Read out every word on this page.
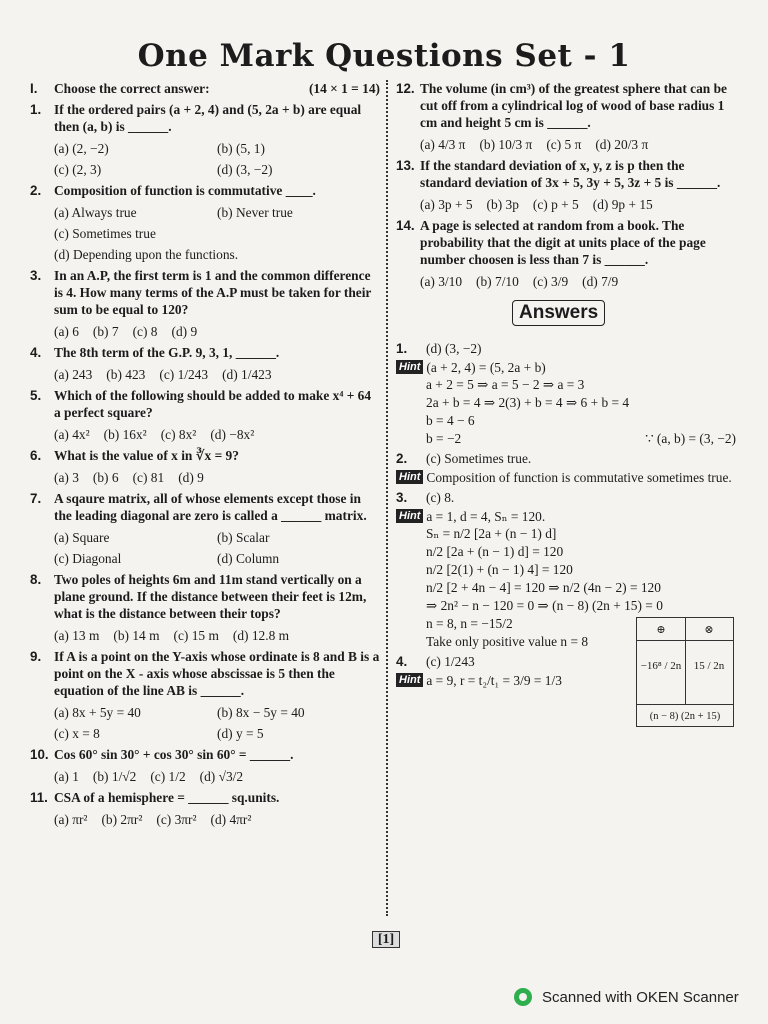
One Mark Questions Set - 1
I.	Choose the correct answer:	(14 × 1 = 14)
1. If the ordered pairs (a + 2, 4) and (5, 2a + b) are equal then (a, b) is ______.
(a) (2, −2)	(b) (5, 1)
(c) (2, 3)	(d) (3, −2)
2. Composition of function is commutative ____.
(a) Always true	(b) Never true
(c) Sometimes true
(d) Depending upon the functions.
3. In an A.P, the first term is 1 and the common difference is 4. How many terms of the A.P must be taken for their sum to be equal to 120?
(a) 6 (b) 7 (c) 8 (d) 9
4. The 8th term of the G.P. 9, 3, 1, ______.
(a) 243 (b) 423 (c) 1/243 (d) 1/423
5. Which of the following should be added to make x⁴ + 64 a perfect square?
(a) 4x² (b) 16x² (c) 8x² (d) −8x²
6. What is the value of x in ∛x = 9?
(a) 3 (b) 6 (c) 81 (d) 9
7. A sqaure matrix, all of whose elements except those in the leading diagonal are zero is called a ______ matrix.
(a) Square	(b) Scalar
(c) Diagonal	(d) Column
8. Two poles of heights 6m and 11m stand vertically on a plane ground. If the distance between their feet is 12m, what is the distance between their tops?
(a) 13 m (b) 14 m (c) 15 m (d) 12.8 m
9. If A is a point on the Y-axis whose ordinate is 8 and B is a point on the X - axis whose abscissae is 5 then the equation of the line AB is ______.
(a) 8x + 5y = 40	(b) 8x − 5y = 40
(c) x = 8	(d) y = 5
10. Cos 60° sin 30° + cos 30° sin 60° = ______.
(a) 1 (b) 1/√2 (c) 1/2 (d) √3/2
11. CSA of a hemisphere = ______ sq.units.
(a) πr² (b) 2πr² (c) 3πr² (d) 4πr²
12. The volume (in cm³) of the greatest sphere that can be cut off from a cylindrical log of wood of base radius 1 cm and height 5 cm is ______.
(a) 4/3 π (b) 10/3 π (c) 5 π (d) 20/3 π
13. If the standard deviation of x, y, z is p then the standard deviation of 3x + 5, 3y + 5, 3z + 5 is ______.
(a) 3p + 5 (b) 3p (c) p + 5 (d) 9p + 15
14. A page is selected at random from a book. The probability that the digit at units place of the page number choosen is less than 7 is ______.
(a) 3/10 (b) 7/10 (c) 3/9 (d) 7/9
Answers
1.	(d) (3, −2)
Hint (a + 2, 4) = (5, 2a + b)
a + 2 = 5 ⇒ a = 5 − 2 ⇒ a = 3
2a + b = 4 ⇒ 2(3) + b = 4 ⇒ 6 + b = 4
b = 4 − 6
b = −2	∵ (a, b) = (3, −2)
2.	(c) Sometimes true.
Hint Composition of function is commutative sometimes true.
3.	(c) 8.
Hint a = 1, d = 4, Sₙ = 120.
Sₙ = n/2 [2a + (n − 1) d]
n/2 [2a + (n − 1) d] = 120
n/2 [2(1) + (n − 1) 4] = 120
n/2 [2 + 4n − 4] = 120 ⇒ n/2 (4n − 2) = 120
⇒ 2n² − n − 120 = 0 ⇒ (n − 8) (2n + 15) = 0
n = 8, n = −15/2
Take only positive value n = 8
4.	(c) 1/243
Hint a = 9, r = t₂/t₁ = 3/9 = 1/3
⊕	⊗
−16⁸ / 2n	15 / 2n
(n − 8) (2n + 15)
[1]
Scanned with OKEN Scanner
